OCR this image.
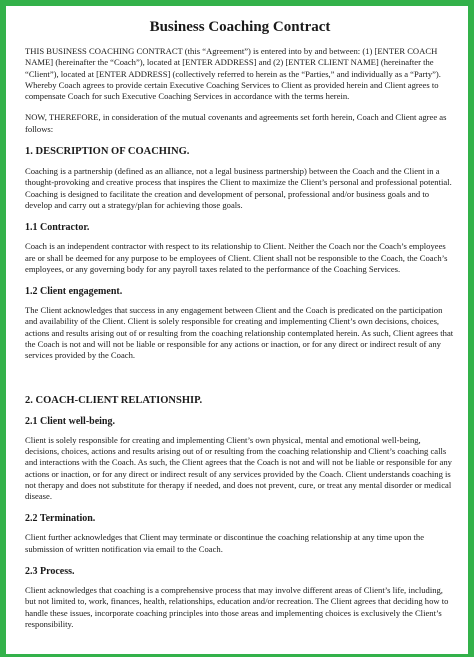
Business Coaching Contract

THIS BUSINESS COACHING CONTRACT (this “Agreement”) is entered into by and between: (1) [ENTER COACH NAME] (hereinafter the “Coach”), located at [ENTER ADDRESS] and (2) [ENTER CLIENT NAME] (hereinafter the “Client”), located at [ENTER ADDRESS] (collectively referred to herein as the “Parties,” and individually as a “Party”). Whereby Coach agrees to provide certain Executive Coaching Services to Client as provided herein and Client agrees to compensate Coach for such Executive Coaching Services in accordance with the terms herein.

NOW, THEREFORE, in consideration of the mutual covenants and agreements set forth herein, Coach and Client agree as follows:

1. DESCRIPTION OF COACHING.

Coaching is a partnership (defined as an alliance, not a legal business partnership) between the Coach and the Client in a thought-provoking and creative process that inspires the Client to maximize the Client’s personal and professional potential. Coaching is designed to facilitate the creation and development of personal, professional and/or business goals and to develop and carry out a strategy/plan for achieving those goals.

1.1 Contractor.

Coach is an independent contractor with respect to its relationship to Client. Neither the Coach nor the Coach’s employees are or shall be deemed for any purpose to be employees of Client. Client shall not be responsible to the Coach, the Coach’s employees, or any governing body for any payroll taxes related to the performance of the Coaching Services.

1.2 Client engagement.

The Client acknowledges that success in any engagement between Client and the Coach is predicated on the participation and availability of the Client. Client is solely responsible for creating and implementing Client’s own decisions, choices, actions and results arising out of or resulting from the coaching relationship contemplated herein. As such, Client agrees that the Coach is not and will not be liable or responsible for any actions or inaction, or for any direct or indirect result of any services provided by the Coach.

2. COACH-CLIENT RELATIONSHIP.
2.1 Client well-being.

Client is solely responsible for creating and implementing Client’s own physical, mental and emotional well-being, decisions, choices, actions and results arising out of or resulting from the coaching relationship and Client’s coaching calls and interactions with the Coach. As such, the Client agrees that the Coach is not and will not be liable or responsible for any actions or inaction, or for any direct or indirect result of any services provided by the Coach. Client understands coaching is not therapy and does not substitute for therapy if needed, and does not prevent, cure, or treat any mental disorder or medical disease.

2.2 Termination.

Client further acknowledges that Client may terminate or discontinue the coaching relationship at any time upon the submission of written notification via email to the Coach.

2.3 Process.

Client acknowledges that coaching is a comprehensive process that may involve different areas of Client’s life, including, but not limited to, work, finances, health, relationships, education and/or recreation. The Client agrees that deciding how to handle these issues, incorporate coaching principles into those areas and implementing choices is exclusively the Client’s responsibility.
